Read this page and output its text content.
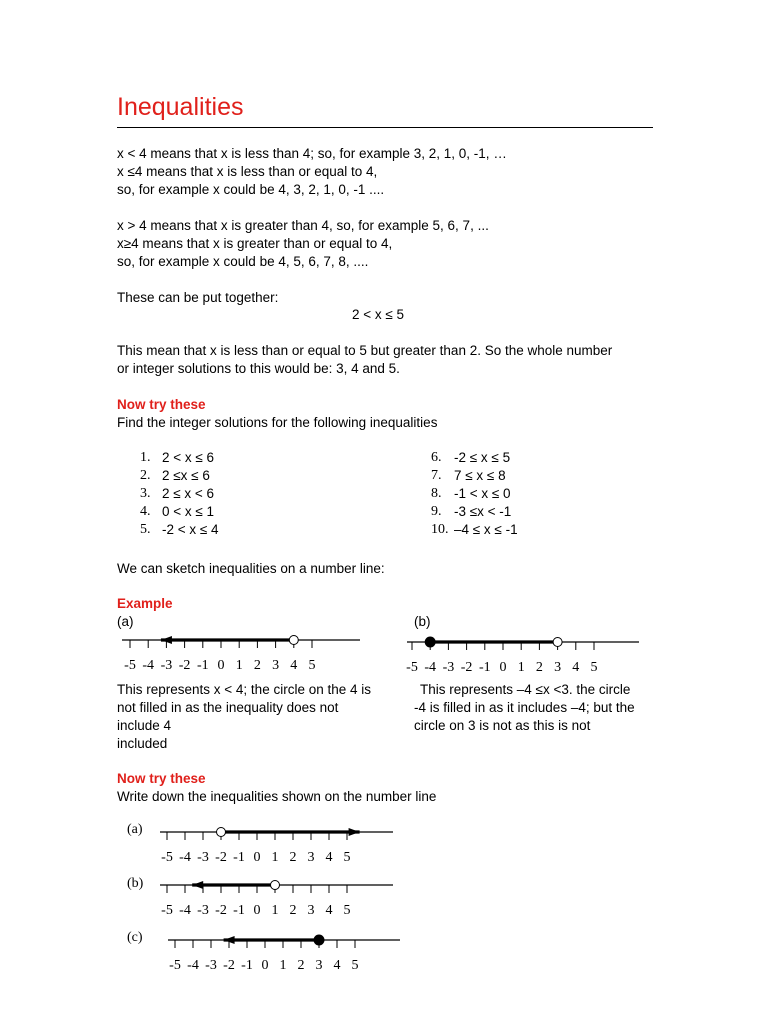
Inequalities
x < 4 means that x is less than 4; so, for example 3, 2, 1, 0, -1, …
x ≤4 means that x is less than or equal to 4,
so, for example x could be 4, 3, 2, 1, 0, -1 ....
x > 4 means that x is greater than 4, so, for example 5, 6, 7, ...
x≥4 means that x is greater than or equal to 4,
so, for example x could be 4, 5, 6, 7, 8, ....
These can be put together:
2 < x ≤ 5
This mean that x is less than or equal to 5 but greater than 2. So the whole number
or integer solutions to this would be: 3, 4 and 5.
Now try these
Find the integer solutions for the following inequalities
1. 2 < x ≤ 6
2. 2 ≤x ≤ 6
3. 2 ≤ x < 6
4. 0 < x ≤ 1
5. -2 < x ≤ 4
6. -2 ≤ x ≤ 5
7. 7 ≤ x ≤ 8
8. -1 < x ≤ 0
9. -3 ≤x < -1
10. –4 ≤ x ≤ -1
We can sketch inequalities on a number line:
Example
(a)	(b)
-5 -4 -3 -2 -1 0 1 2 3 4 5	-5 -4 -3 -2 -1 0 1 2 3 4 5
This represents x < 4; the circle on the 4 is
not filled in as the inequality does not
include 4
included
This represents –4 ≤x <3. the circle
-4 is filled in as it includes –4; but the
circle on 3 is not as this is not
Now try these
Write down the inequalities shown on the number line
(a)
(b)
(c)
-5 -4 -3 -2 -1 0 1 2 3 4 5
-5 -4 -3 -2 -1 0 1 2 3 4 5
-5 -4 -3 -2 -1 0 1 2 3 4 5
